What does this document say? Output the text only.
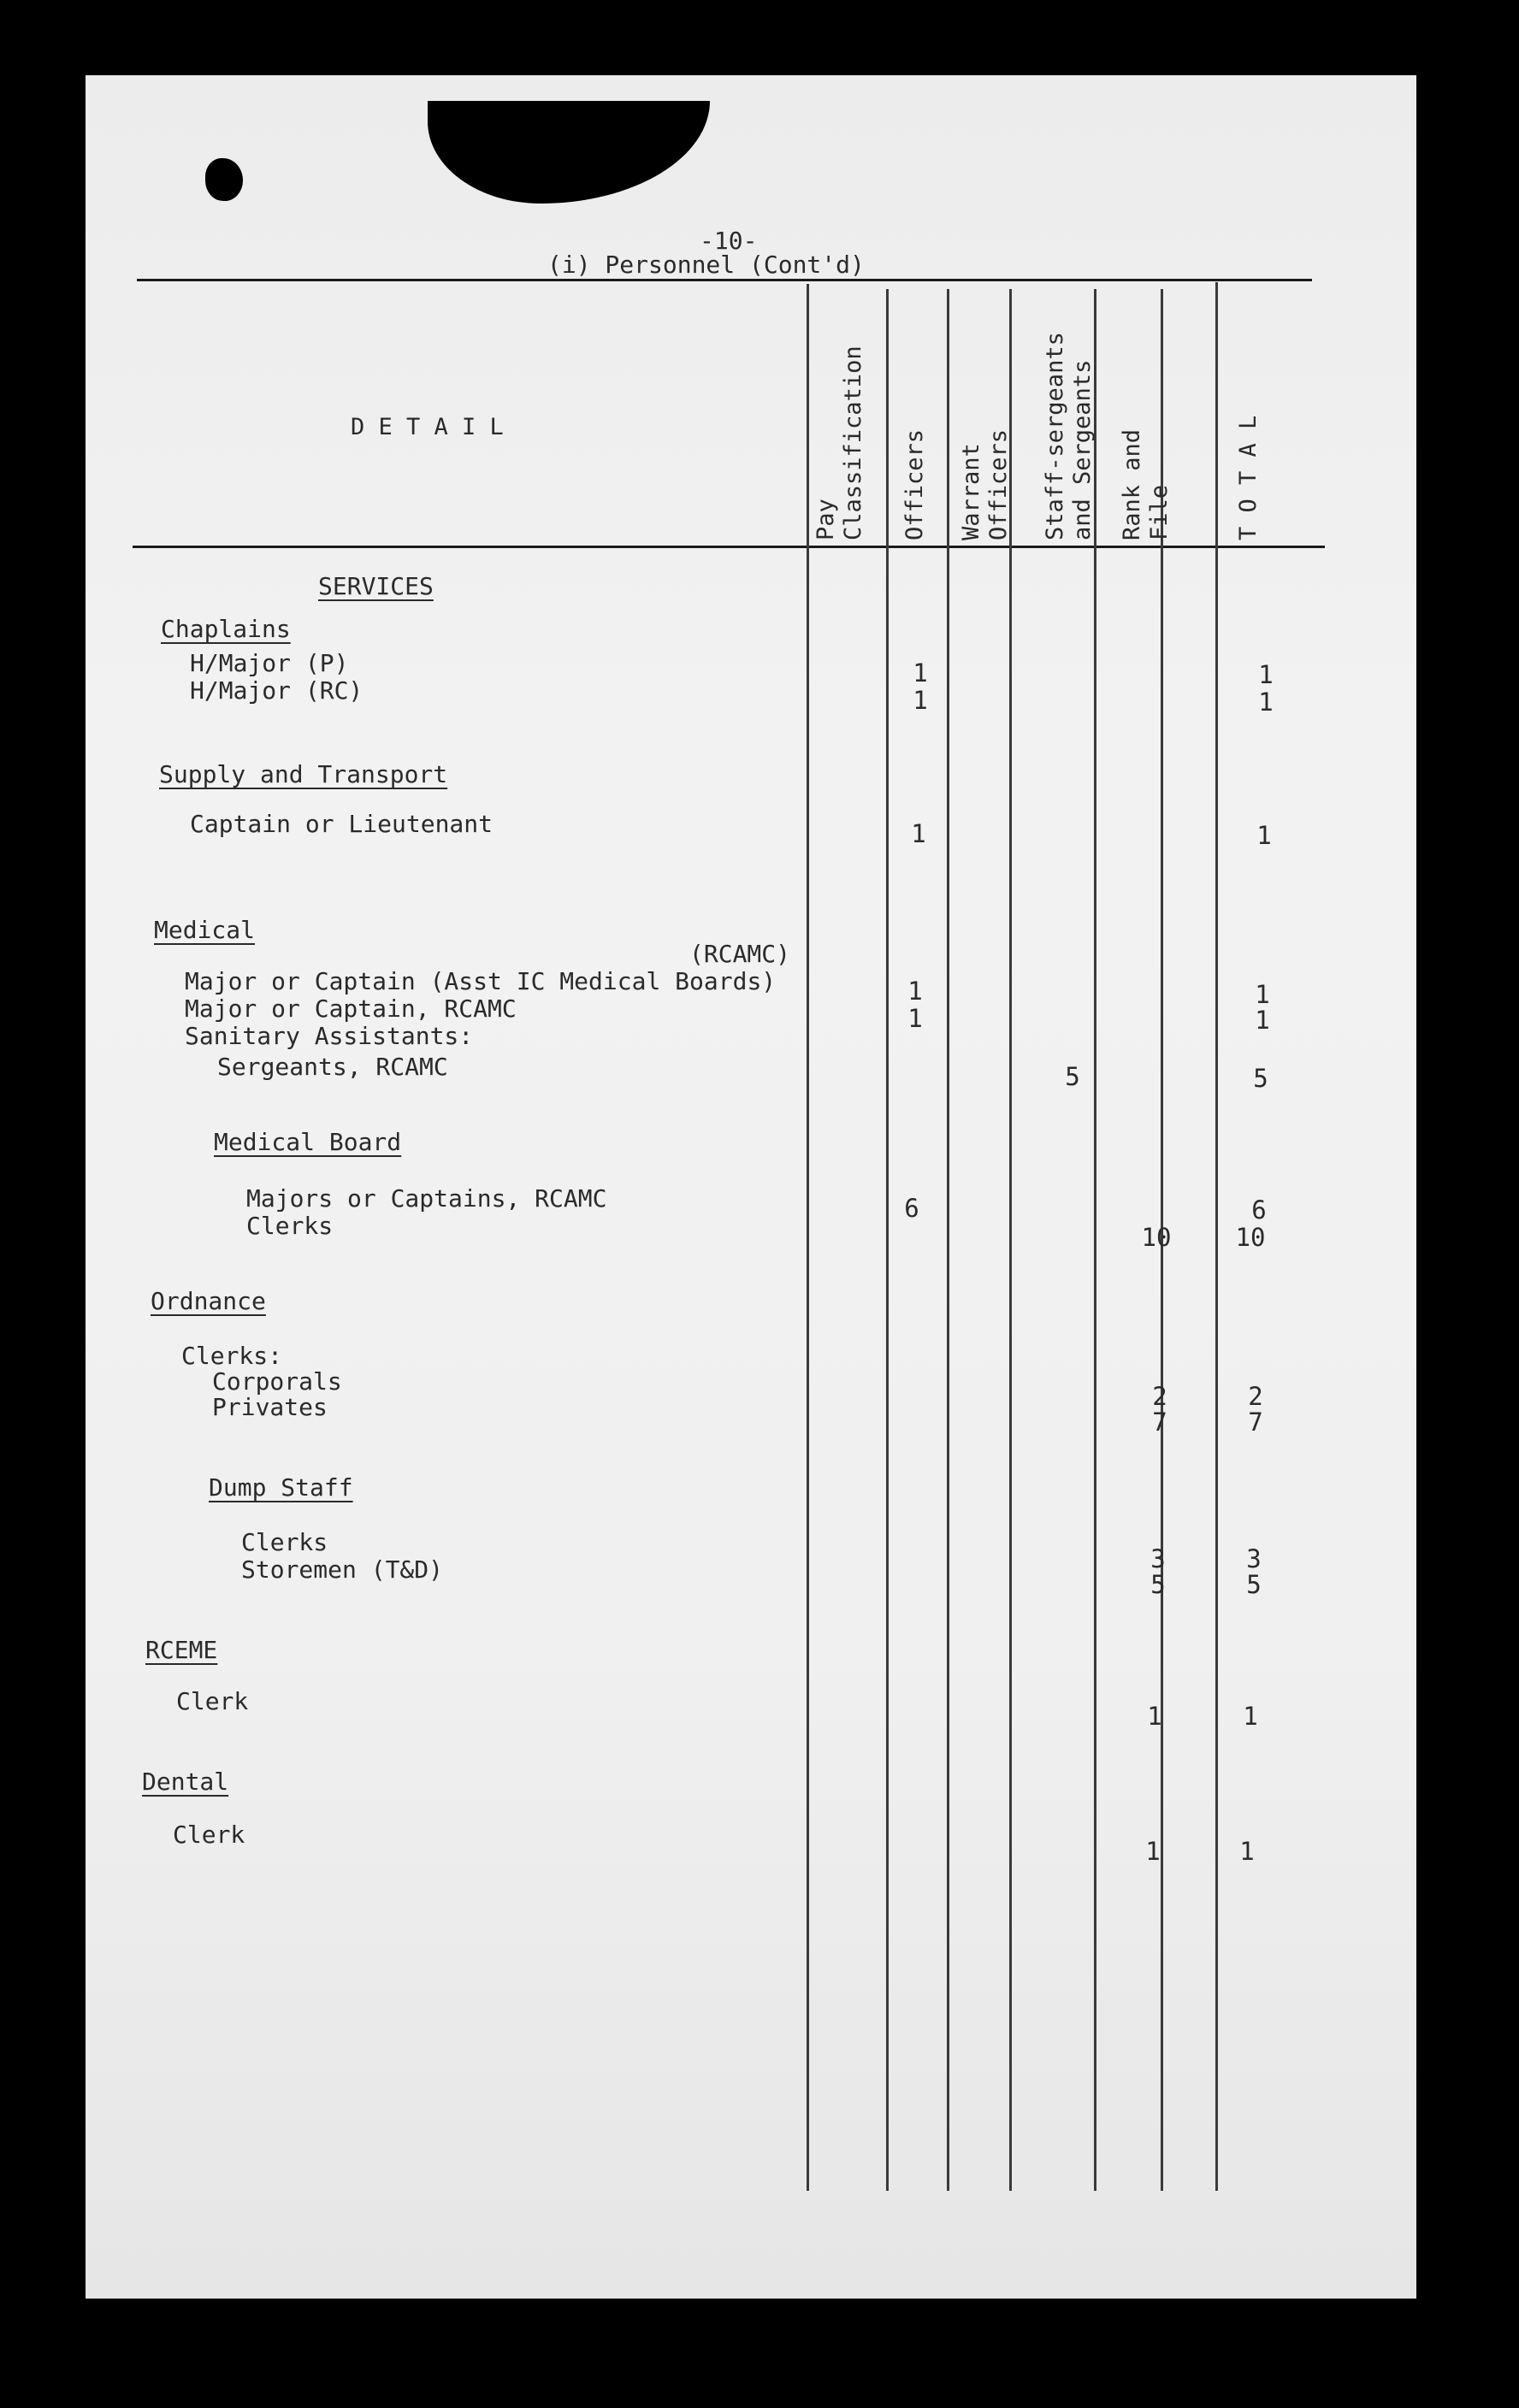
-10-
(i) Personnel (Cont'd)
D E T A I L
Pay
Classification Officers Warrant
Officers Staff-sergeants
and Sergeants
Rank and
File	T O T A L
SERVICES
Chaplains
H/Major (P)
H/Major (RC)
Supply and Transport
Captain or Lieutenant
Medical
(RCAMC)
Major or Captain (Asst IC Medical Boards)
Major or Captain, RCAMC
Sanitary Assistants:
Sergeants, RCAMC
Medical Board
Majors or Captains, RCAMC
Clerks
Ordnance
Clerks:
Corporals
Privates
Dump Staff
Clerks
Storemen (T&D)
RCEME
Clerk
Dental
Clerk
1
1
1
1
1
6
5
10
2
7
3
5
1
1
1
1
1
1
1
5
6
10
2
7
3
5
1
1
